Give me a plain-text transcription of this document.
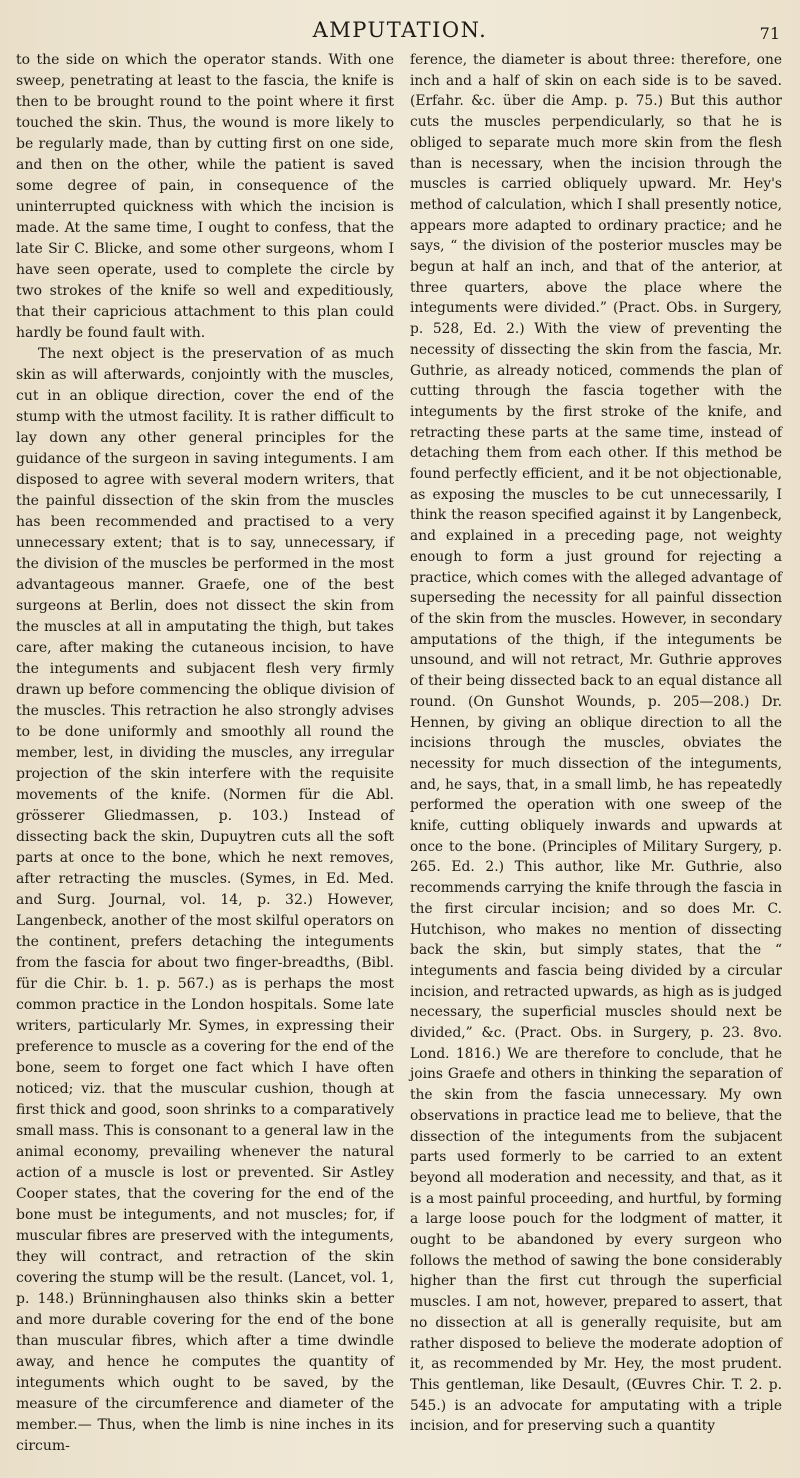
AMPUTATION.	71

to the side on which the operator stands. With one sweep, penetrating at least to the fascia, the knife is then to be brought round to the point where it first touched the skin. Thus, the wound is more likely to be regularly made, than by cutting first on one side, and then on the other, while the patient is saved some degree of pain, in consequence of the uninterrupted quickness with which the incision is made. At the same time, I ought to confess, that the late Sir C. Blicke, and some other surgeons, whom I have seen operate, used to complete the circle by two strokes of the knife so well and expeditiously, that their capricious attachment to this plan could hardly be found fault with.

The next object is the preservation of as much skin as will afterwards, conjointly with the muscles, cut in an oblique direction, cover the end of the stump with the utmost facility. It is rather difficult to lay down any other general principles for the guidance of the surgeon in saving integuments. I am disposed to agree with several modern writers, that the painful dissection of the skin from the muscles has been recommended and practised to a very unnecessary extent; that is to say, unnecessary, if the division of the muscles be performed in the most advantageous manner. Graefe, one of the best surgeons at Berlin, does not dissect the skin from the muscles at all in amputating the thigh, but takes care, after making the cutaneous incision, to have the integuments and subjacent flesh very firmly drawn up before commencing the oblique division of the muscles. This retraction he also strongly advises to be done uniformly and smoothly all round the member, lest, in dividing the muscles, any irregular projection of the skin interfere with the requisite movements of the knife. (Normen für die Abl. grösserer Gliedmassen, p. 103.) Instead of dissecting back the skin, Dupuytren cuts all the soft parts at once to the bone, which he next removes, after retracting the muscles. (Symes, in Ed. Med. and Surg. Journal, vol. 14, p. 32.) However, Langenbeck, another of the most skilful operators on the continent, prefers detaching the integuments from the fascia for about two finger-breadths, (Bibl. für die Chir. b. 1. p. 567.) as is perhaps the most common practice in the London hospitals. Some late writers, particularly Mr. Symes, in expressing their preference to muscle as a covering for the end of the bone, seem to forget one fact which I have often noticed; viz. that the muscular cushion, though at first thick and good, soon shrinks to a comparatively small mass. This is consonant to a general law in the animal economy, prevailing whenever the natural action of a muscle is lost or prevented. Sir Astley Cooper states, that the covering for the end of the bone must be integuments, and not muscles; for, if muscular fibres are preserved with the integuments, they will contract, and retraction of the skin covering the stump will be the result. (Lancet, vol. 1, p. 148.) Brünninghausen also thinks skin a better and more durable covering for the end of the bone than muscular fibres, which after a time dwindle away, and hence he computes the quantity of integuments which ought to be saved, by the measure of the circumference and diameter of the member.— Thus, when the limb is nine inches in its circum-

ference, the diameter is about three: therefore, one inch and a half of skin on each side is to be saved. (Erfahr. &c. über die Amp. p. 75.) But this author cuts the muscles perpendicularly, so that he is obliged to separate much more skin from the flesh than is necessary, when the incision through the muscles is carried obliquely upward. Mr. Hey's method of calculation, which I shall presently notice, appears more adapted to ordinary practice; and he says, “ the division of the posterior muscles may be begun at half an inch, and that of the anterior, at three quarters, above the place where the integuments were divided.” (Pract. Obs. in Surgery, p. 528, Ed. 2.) With the view of preventing the necessity of dissecting the skin from the fascia, Mr. Guthrie, as already noticed, commends the plan of cutting through the fascia together with the integuments by the first stroke of the knife, and retracting these parts at the same time, instead of detaching them from each other. If this method be found perfectly efficient, and it be not objectionable, as exposing the muscles to be cut unnecessarily, I think the reason specified against it by Langenbeck, and explained in a preceding page, not weighty enough to form a just ground for rejecting a practice, which comes with the alleged advantage of superseding the necessity for all painful dissection of the skin from the muscles. However, in secondary amputations of the thigh, if the integuments be unsound, and will not retract, Mr. Guthrie approves of their being dissected back to an equal distance all round. (On Gunshot Wounds, p. 205—208.) Dr. Hennen, by giving an oblique direction to all the incisions through the muscles, obviates the necessity for much dissection of the integuments, and, he says, that, in a small limb, he has repeatedly performed the operation with one sweep of the knife, cutting obliquely inwards and upwards at once to the bone. (Principles of Military Surgery, p. 265. Ed. 2.) This author, like Mr. Guthrie, also recommends carrying the knife through the fascia in the first circular incision; and so does Mr. C. Hutchison, who makes no mention of dissecting back the skin, but simply states, that the “ integuments and fascia being divided by a circular incision, and retracted upwards, as high as is judged necessary, the superficial muscles should next be divided,” &c. (Pract. Obs. in Surgery, p. 23. 8vo. Lond. 1816.) We are therefore to conclude, that he joins Graefe and others in thinking the separation of the skin from the fascia unnecessary. My own observations in practice lead me to believe, that the dissection of the integuments from the subjacent parts used formerly to be carried to an extent beyond all moderation and necessity, and that, as it is a most painful proceeding, and hurtful, by forming a large loose pouch for the lodgment of matter, it ought to be abandoned by every surgeon who follows the method of sawing the bone considerably higher than the first cut through the superficial muscles. I am not, however, prepared to assert, that no dissection at all is generally requisite, but am rather disposed to believe the moderate adoption of it, as recommended by Mr. Hey, the most prudent. This gentleman, like Desault, (Œuvres Chir. T. 2. p. 545.) is an advocate for amputating with a triple incision, and for preserving such a quantity
